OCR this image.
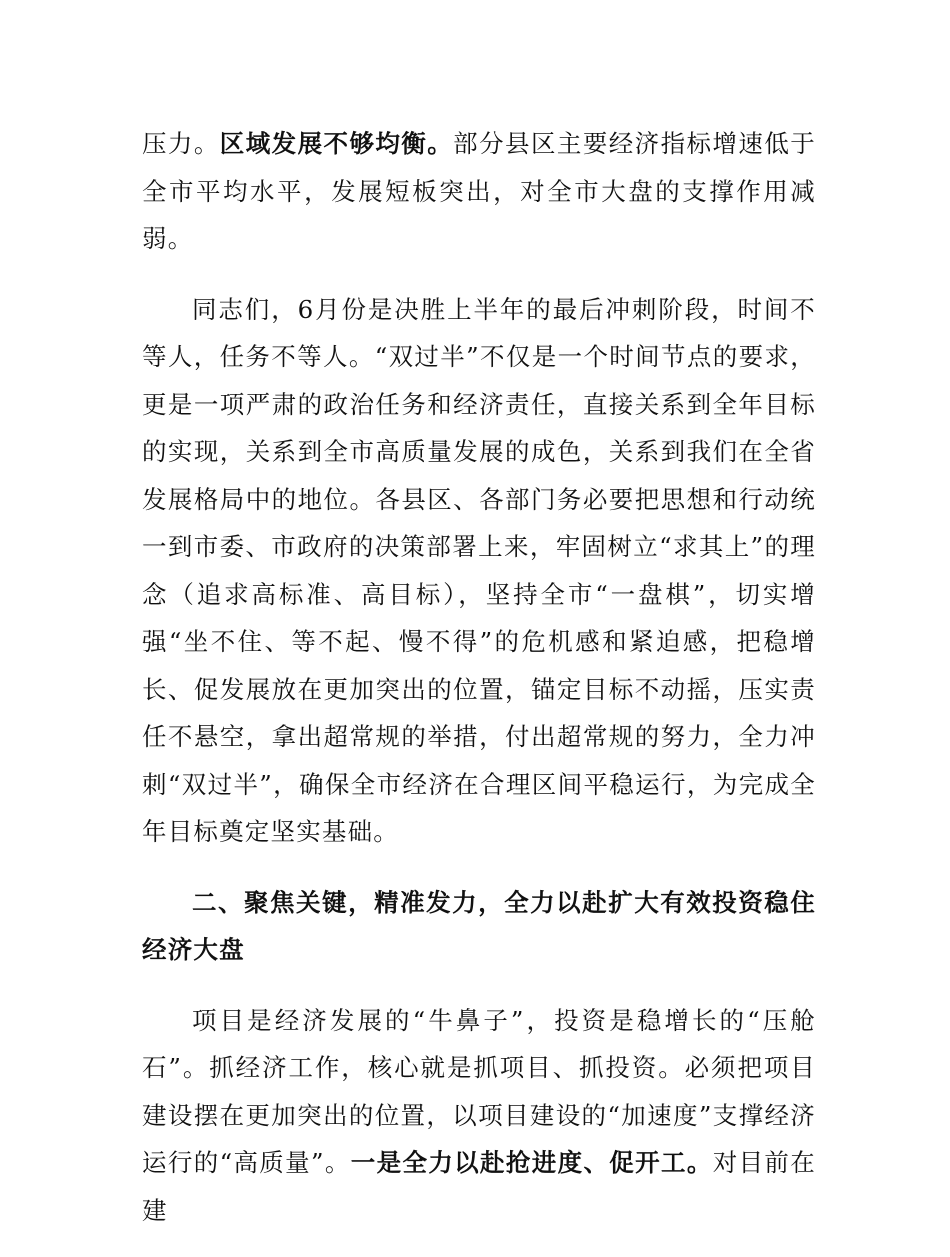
压力。区域发展不够均衡。部分县区主要经济指标增速低于全市平均水平，发展短板突出，对全市大盘的支撑作用减弱。

同志们，6月份是决胜上半年的最后冲刺阶段，时间不等人，任务不等人。“双过半”不仅是一个时间节点的要求，更是一项严肃的政治任务和经济责任，直接关系到全年目标的实现，关系到全市高质量发展的成色，关系到我们在全省发展格局中的地位。各县区、各部门务必要把思想和行动统一到市委、市政府的决策部署上来，牢固树立“求其上”的理念（追求高标准、高目标），坚持全市“一盘棋”，切实增强“坐不住、等不起、慢不得”的危机感和紧迫感，把稳增长、促发展放在更加突出的位置，锚定目标不动摇，压实责任不悬空，拿出超常规的举措，付出超常规的努力，全力冲刺“双过半”，确保全市经济在合理区间平稳运行，为完成全年目标奠定坚实基础。

二、聚焦关键，精准发力，全力以赴扩大有效投资稳住经济大盘

项目是经济发展的“牛鼻子”，投资是稳增长的“压舱石”。抓经济工作，核心就是抓项目、抓投资。必须把项目建设摆在更加突出的位置，以项目建设的“加速度”支撑经济运行的“高质量”。一是全力以赴抢进度、促开工。对目前在建
